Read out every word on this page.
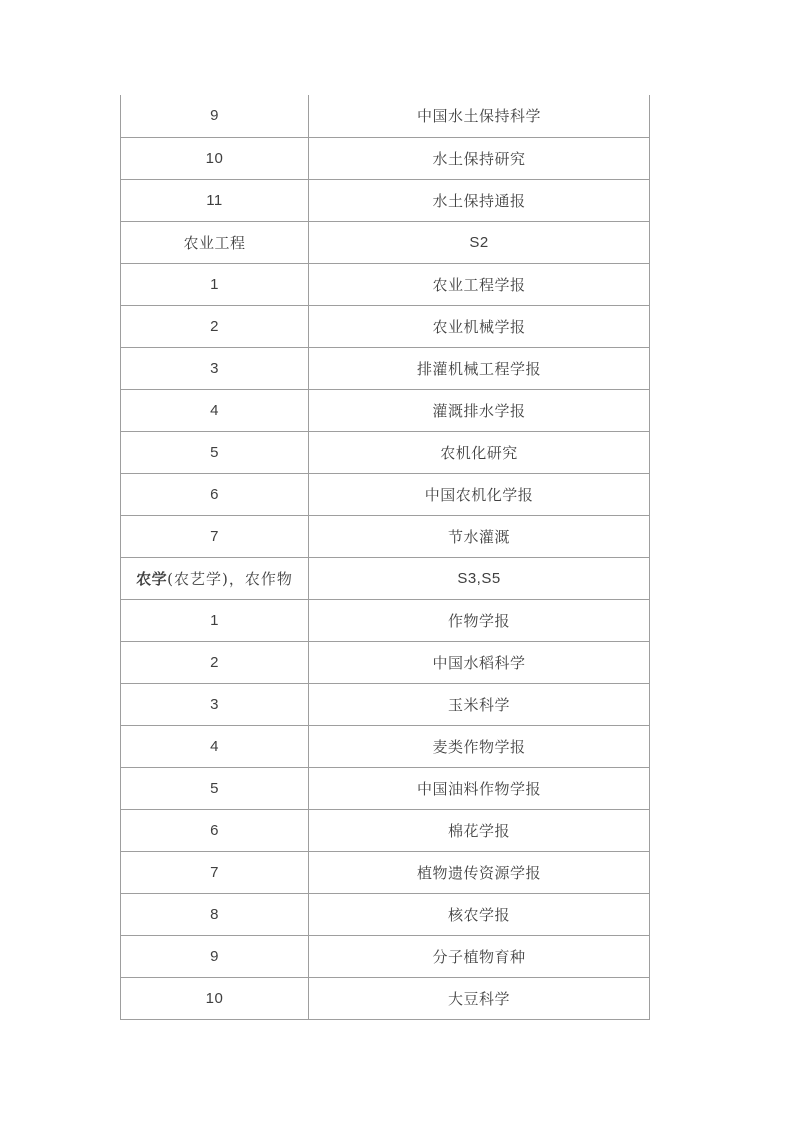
9	中国水土保持科学
10	水土保持研究
11	水土保持通报
农业工程	S2
1	农业工程学报
2	农业机械学报
3	排灌机械工程学报
4	灌溉排水学报
5	农机化研究
6	中国农机化学报
7	节水灌溉
农学(农艺学)，农作物	S3,S5
1	作物学报
2	中国水稻科学
3	玉米科学
4	麦类作物学报
5	中国油料作物学报
6	棉花学报
7	植物遗传资源学报
8	核农学报
9	分子植物育种
10	大豆科学
